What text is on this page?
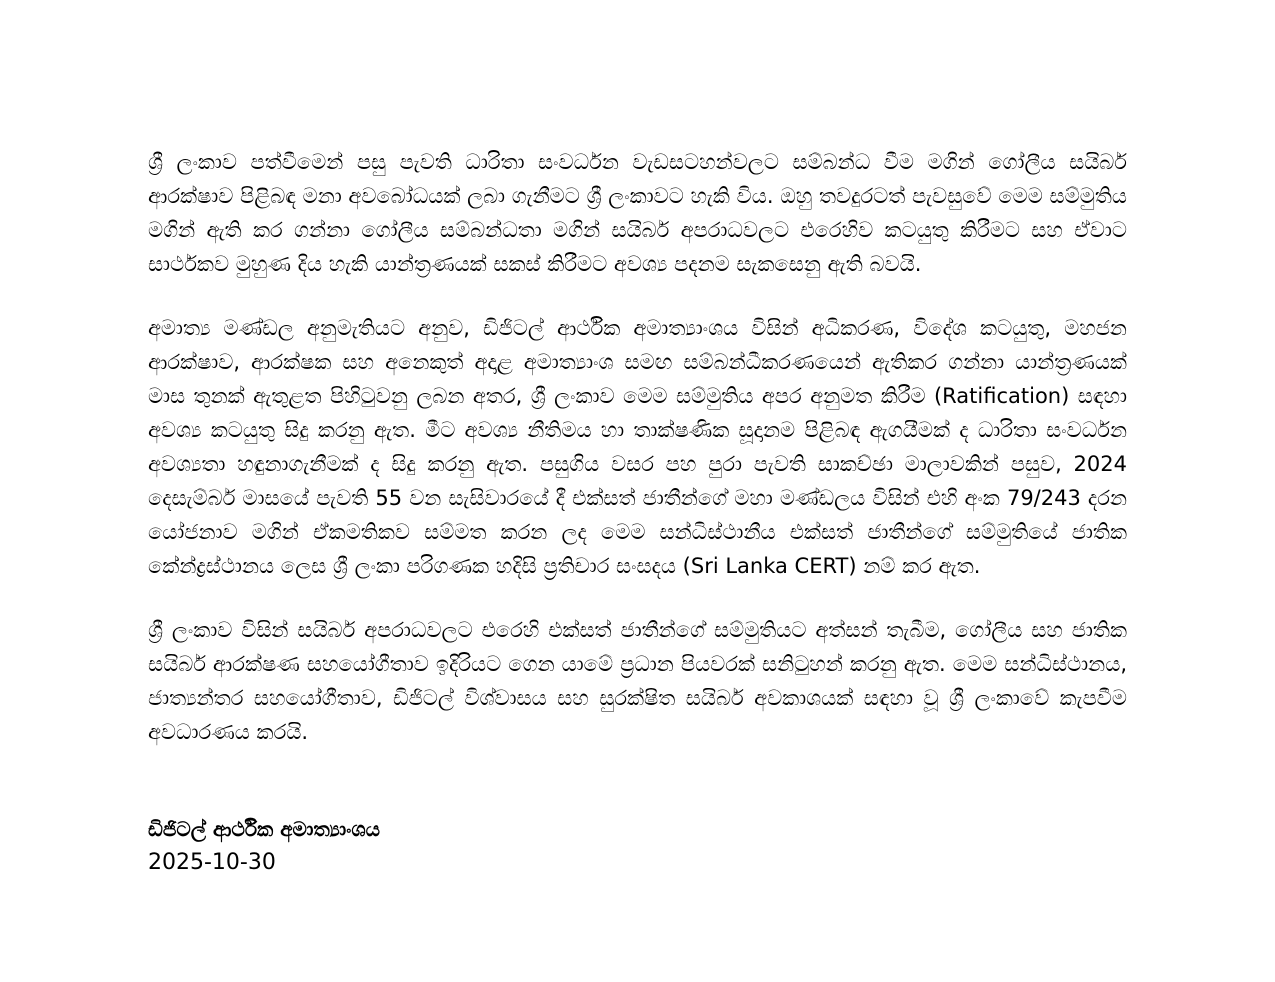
ශ්‍රී ලංකාව පත්වීමෙන් පසු පැවති ධාරිතා සංවර්ධන වැඩසටහන්වලට සම්බන්ධ වීම මගින් ගෝලීය සයිබර් ආරක්ෂාව පිළිබඳ මනා අවබෝධයක් ලබා ගැනීමට ශ්‍රී ලංකාවට හැකි විය. ඔහු තවදුරටත් පැවසුවේ මෙම සම්මුතිය මගින් ඇති කර ගන්නා ගෝලීය සම්බන්ධතා මගින් සයිබර් අපරාධවලට එරෙහිව කටයුතු කිරීමට සහ ඒවාට සාර්ථකව මුහුණ දිය හැකි යාන්ත්‍රණයක් සකස් කිරීමට අවශ්‍ය පදනම සැකසෙනු ඇති බවයි.

අමාත්‍ය මණ්ඩල අනුමැතියට අනුව, ඩිජිටල් ආර්ථික අමාත්‍යාංශය විසින් අධිකරණ, විදේශ කටයුතු, මහජන ආරක්ෂාව, ආරක්ෂක සහ අනෙකුත් අදාළ අමාත්‍යාංශ සමඟ සම්බන්ධීකරණයෙන් ඇතිකර ගන්නා යාන්ත්‍රණයක් මාස තුනක් ඇතුළත පිහිටුවනු ලබන අතර, ශ්‍රී ලංකාව මෙම සම්මුතිය අපර අනුමත කිරීම (Ratification) සඳහා අවශ්‍ය කටයුතු සිදු කරනු ඇත. මීට අවශ්‍ය නීතිමය හා තාක්ෂණික සූදානම පිළිබඳ ඇගයීමක් ද ධාරිතා සංවර්ධන අවශ්‍යතා හඳුනාගැනීමක් ද සිදු කරනු ඇත. පසුගිය වසර පහ පුරා පැවති සාකච්ඡා මාලාවකින් පසුව, 2024 දෙසැම්බර් මාසයේ පැවති 55 වන සැසිවාරයේ දී එක්සත් ජාතීන්ගේ මහා මණ්ඩලය විසින් එහි අංක 79/243 දරන යෝජනාව මගින් ඒකමතිකව සම්මත කරන ලද මෙම සන්ධිස්ථානීය එක්සත් ජාතීන්ගේ සම්මුතියේ ජාතික කේන්ද්‍රස්ථානය ලෙස ශ්‍රී ලංකා පරිගණක හදිසි ප්‍රතිචාර සංසදය (Sri Lanka CERT) නම් කර ඇත.

ශ්‍රී ලංකාව විසින් සයිබර් අපරාධවලට එරෙහි එක්සත් ජාතීන්ගේ සම්මුතියට අත්සන් තැබීම, ගෝලීය සහ ජාතික සයිබර් ආරක්ෂණ සහයෝගීතාව ඉදිරියට ගෙන යාමේ ප්‍රධාන පියවරක් සනිටුහන් කරනු ඇත. මෙම සන්ධිස්ථානය, ජාත්‍යන්තර සහයෝගීතාව, ඩිජිටල් විශ්වාසය සහ සුරක්ෂිත සයිබර් අවකාශයක් සඳහා වූ ශ්‍රී ලංකාවේ කැපවීම අවධාරණය කරයි.

ඩිජිටල් ආර්ථික අමාත්‍යාංශය
2025-10-30
